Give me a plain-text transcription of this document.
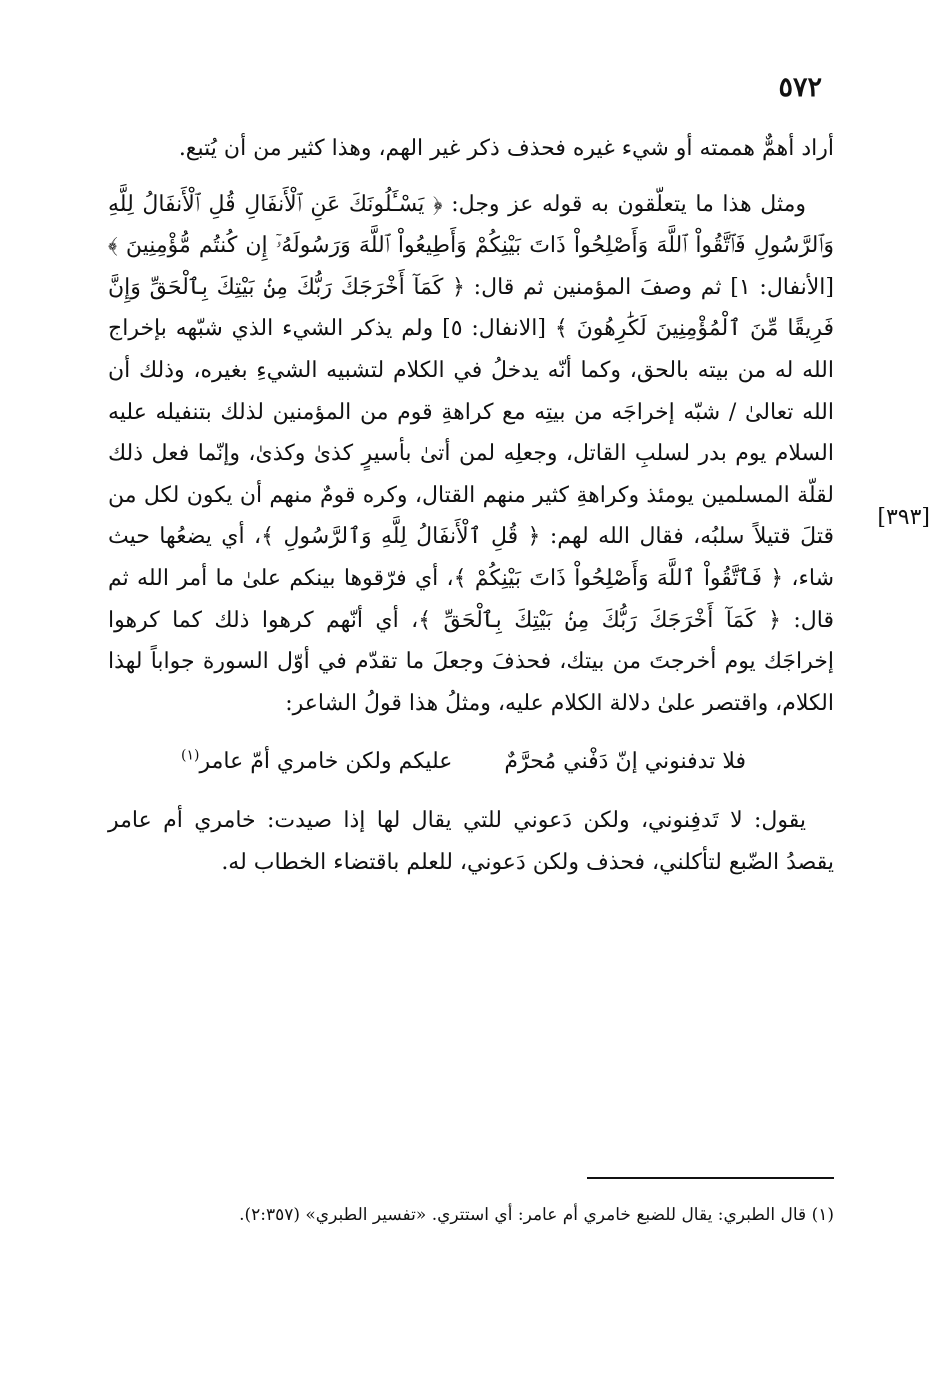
٥٧٢
[٣٩٣]

أراد أهمٌّ هممته أو شيء غيره فحذف ذكر غير الهم، وهذا كثير من أن يُتبع.

ومثل هذا ما يتعلّقون به قوله عز وجل: ﴿ يَسْـَٔلُونَكَ عَنِ ٱلْأَنفَالِ قُلِ ٱلْأَنفَالُ لِلَّهِ وَٱلرَّسُولِ فَٱتَّقُواْ ٱللَّهَ وَأَصْلِحُواْ ذَاتَ بَيْنِكُمْ وَأَطِيعُواْ ٱللَّهَ وَرَسُولَهُۥٓ إِن كُنتُم مُّؤْمِنِينَ ﴾ [الأنفال: ١] ثم وصفَ المؤمنين ثم قال: ﴿ كَمَآ أَخْرَجَكَ رَبُّكَ مِنۢ بَيْتِكَ بِٱلْحَقِّ وَإِنَّ فَرِيقًا مِّنَ ٱلْمُؤْمِنِينَ لَكَٰرِهُونَ ﴾ [الانفال: ٥] ولم يذكر الشيء الذي شبّهه بإخراج الله له من بيته بالحق، وكما أنّه يدخلُ في الكلام لتشبيه الشيءِ بغيره، وذلك أن الله تعالىٰ / شبّه إخراجَه من بيتِه مع كراهةِ قوم من المؤمنين لذلك بتنفيله عليه السلام يوم بدر لسلبِ القاتل، وجعلِه لمن أتىٰ بأسيرٍ كذىٰ وكذىٰ، وإنّما فعل ذلك لقلّة المسلمين يومئذ وكراهةِ كثير منهم القتال، وكره قومٌ منهم أن يكون لكل من قتلَ قتيلاً سلبُه، فقال الله لهم: ﴿ قُلِ ٱلْأَنفَالُ لِلَّهِ وَٱلرَّسُولِ ﴾، أي يضعُها حيث شاء، ﴿ فَٱتَّقُواْ ٱللَّهَ وَأَصْلِحُواْ ذَاتَ بَيْنِكُمْ ﴾، أي فرّقوها بينكم علىٰ ما أمر الله ثم قال: ﴿ كَمَآ أَخْرَجَكَ رَبُّكَ مِنۢ بَيْتِكَ بِٱلْحَقِّ ﴾، أي أنّهم كرهوا ذلك كما كرهوا إخراجَك يوم أخرجتَ من بيتك، فحذفَ وجعلَ ما تقدّم في أوّل السورة جواباً لهذا الكلام، واقتصر علىٰ دلالة الكلام عليه، ومثلُ هذا قولُ الشاعر:

فلا تدفنوني إنّ دَفْني مُحرَّمٌ
عليكم ولكن خامري أمّ عامر$^{(١)}$

يقول: لا تَدفِنوني، ولكن دَعوني للتي يقال لها إذا صيدت: خامري أم عامر يقصدُ الضّبع لتأكلني، فحذف ولكن دَعوني، للعلم باقتضاء الخطاب له.

(١) قال الطبري: يقال للضبع خامري أم عامر: أي استتري. «تفسير الطبري» (٢:٣٥٧).
